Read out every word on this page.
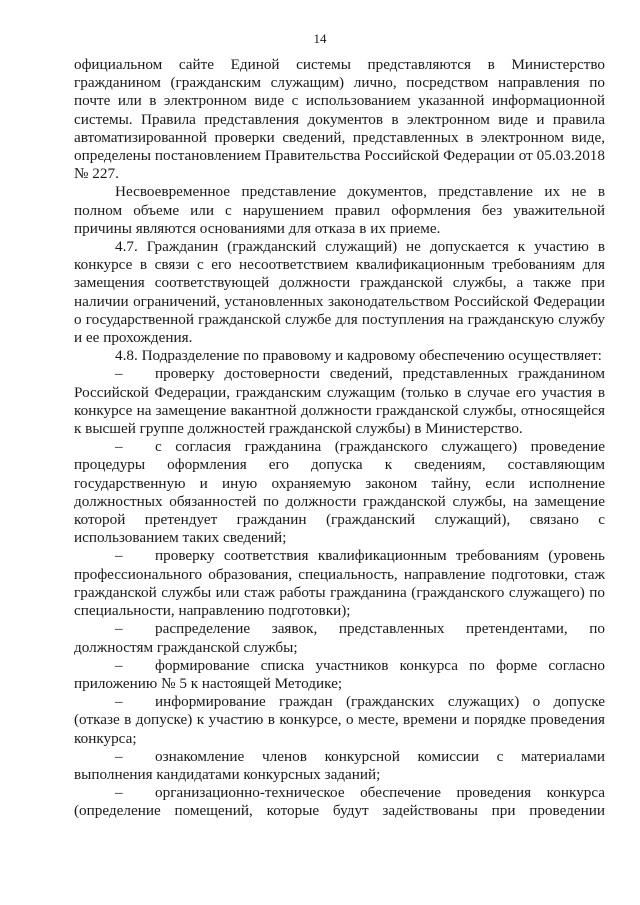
14

официальном сайте Единой системы представляются в Министерство гражданином (гражданским служащим) лично, посредством направления по почте или в электронном виде с использованием указанной информационной системы. Правила представления документов в электронном виде и правила автоматизированной проверки сведений, представленных в электронном виде, определены постановлением Правительства Российской Федерации от 05.03.2018 № 227.

Несвоевременное представление документов, представление их не в полном объеме или с нарушением правил оформления без уважительной причины являются основаниями для отказа в их приеме.

4.7. Гражданин (гражданский служащий) не допускается к участию в конкурсе в связи с его несоответствием квалификационным требованиям для замещения соответствующей должности гражданской службы, а также при наличии ограничений, установленных законодательством Российской Федерации о государственной гражданской службе для поступления на гражданскую службу и ее прохождения.

4.8. Подразделение по правовому и кадровому обеспечению осуществляет:

– проверку достоверности сведений, представленных гражданином Российской Федерации, гражданским служащим (только в случае его участия в конкурсе на замещение вакантной должности гражданской службы, относящейся к высшей группе должностей гражданской службы) в Министерство.

– с согласия гражданина (гражданского служащего) проведение процедуры оформления его допуска к сведениям, составляющим государственную и иную охраняемую законом тайну, если исполнение должностных обязанностей по должности гражданской службы, на замещение которой претендует гражданин (гражданский служащий), связано с использованием таких сведений;

– проверку соответствия квалификационным требованиям (уровень профессионального образования, специальность, направление подготовки, стаж гражданской службы или стаж работы гражданина (гражданского служащего) по специальности, направлению подготовки);

– распределение заявок, представленных претендентами, по должностям гражданской службы;

– формирование списка участников конкурса по форме согласно приложению № 5 к настоящей Методике;

– информирование граждан (гражданских служащих) о допуске (отказе в допуске) к участию в конкурсе, о месте, времени и порядке проведения конкурса;

– ознакомление членов конкурсной комиссии с материалами выполнения кандидатами конкурсных заданий;

– организационно-техническое обеспечение проведения конкурса (определение помещений, которые будут задействованы при проведении
